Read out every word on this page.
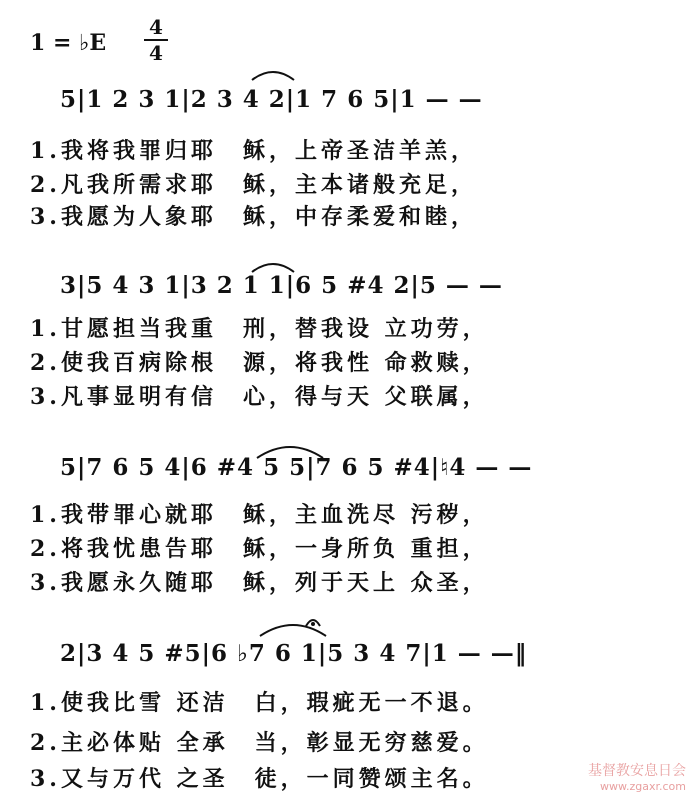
1 = ♭E
4
4
5|1 2 3 1|2 3 4 2|1 7 6 5|1 — —
1.我将我罪归耶　稣，上帝圣洁羊羔，
2.凡我所需求耶　稣，主本诸般充足，
3.我愿为人象耶　稣，中存柔爱和睦，
3|5 4 3 1|3 2 1 1|6 5 #4 2|5 — —
1.甘愿担当我重　刑，替我设 立功劳，
2.使我百病除根　源，将我性 命救赎，
3.凡事显明有信　心，得与天 父联属，
5|7 6 5 4|6 #4 5 5|7 6 5 #4|♮4 — —
1.我带罪心就耶　稣，主血洗尽 污秽，
2.将我忧患告耶　稣，一身所负 重担，
3.我愿永久随耶　稣，列于天上 众圣，
2|3 4 5 #5|6 ♭7 6 1|5 3 4 7|1 — —‖
1.使我比雪 还洁　白，瑕疵无一不退。
2.主必体贴 全承　当，彰显无穷慈爱。
3.又与万代 之圣　徒，一同赞颂主名。	基督教安息日会
www.zgaxr.com
